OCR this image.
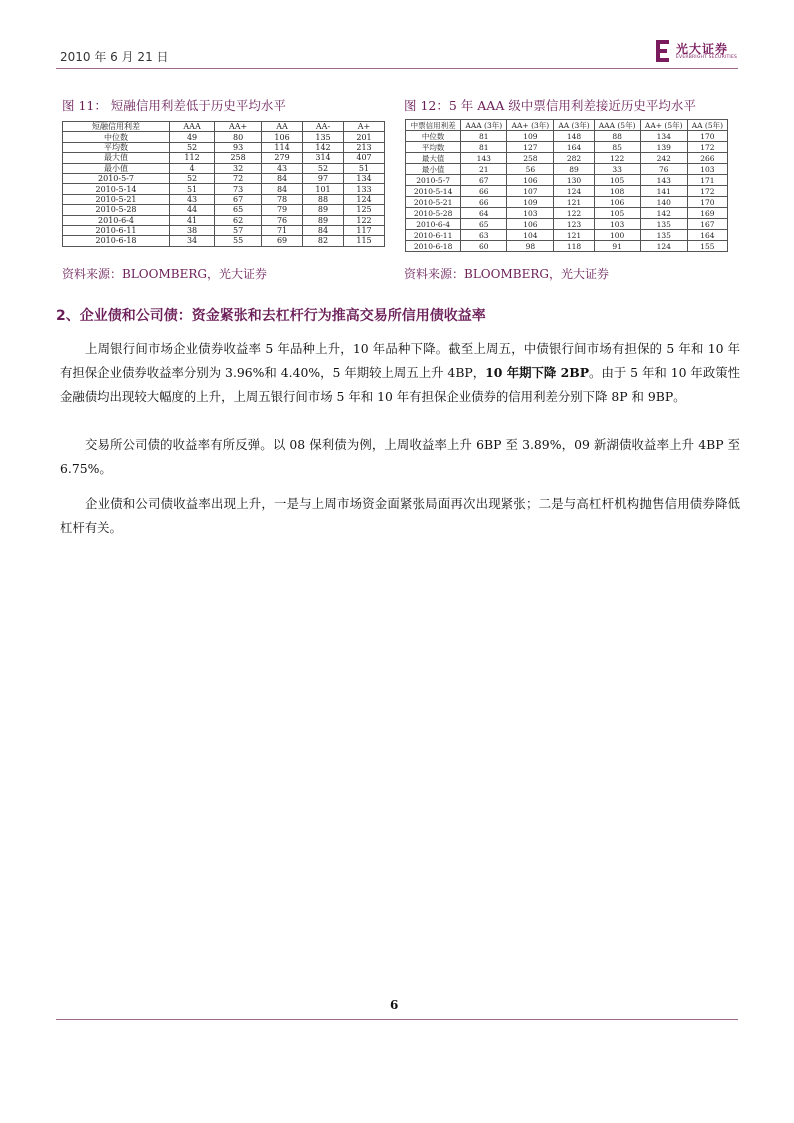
2010 年 6 月 21 日
光大证券
EVERBRIGHT SECURITIES
图 11： 短融信用利差低于历史平均水平	图 12：5 年 AAA 级中票信用利差接近历史平均水平
短融信用利差	AAA	AA+	AA	AA-	A+
中位数	49	80	106	135	201
平均数	52	93	114	142	213
最大值	112	258	279	314	407
最小值	4	32	43	52	51
2010-5-7	52	72	84	97	134
2010-5-14	51	73	84	101	133
2010-5-21	43	67	78	88	124
2010-5-28	44	65	79	89	125
2010-6-4	41	62	76	89	122
2010-6-11	38	57	71	84	117
2010-6-18	34	55	69	82	115
中票信用利差	AAA (3年)	AA+ (3年)	AA (3年)	AAA (5年)	AA+ (5年)	AA (5年)
中位数	81	109	148	88	134	170
平均数	81	127	164	85	139	172
最大值	143	258	282	122	242	266
最小值	21	56	89	33	76	103
2010-5-7	67	106	130	105	143	171
2010-5-14	66	107	124	108	141	172
2010-5-21	66	109	121	106	140	170
2010-5-28	64	103	122	105	142	169
2010-6-4	65	106	123	103	135	167
2010-6-11	63	104	121	100	135	164
2010-6-18	60	98	118	91	124	155
资料来源：BLOOMBERG，光大证券	资料来源：BLOOMBERG，光大证券
2、企业债和公司债：资金紧张和去杠杆行为推高交易所信用债收益率
上周银行间市场企业债券收益率 5 年品种上升，10 年品种下降。截至上周五，中债银行间市场有担保的 5 年和 10 年有担保企业债券收益率分别为 3.96%和 4.40%，5 年期较上周五上升 4BP，10 年期下降 2BP。由于 5 年和 10 年政策性金融债均出现较大幅度的上升，上周五银行间市场 5 年和 10 年有担保企业债券的信用利差分别下降 8P 和 9BP。
交易所公司债的收益率有所反弹。以 08 保利债为例，上周收益率上升 6BP 至 3.89%，09 新湖债收益率上升 4BP 至 6.75%。
企业债和公司债收益率出现上升，一是与上周市场资金面紧张局面再次出现紧张；二是与高杠杆机构抛售信用债券降低杠杆有关。
6
